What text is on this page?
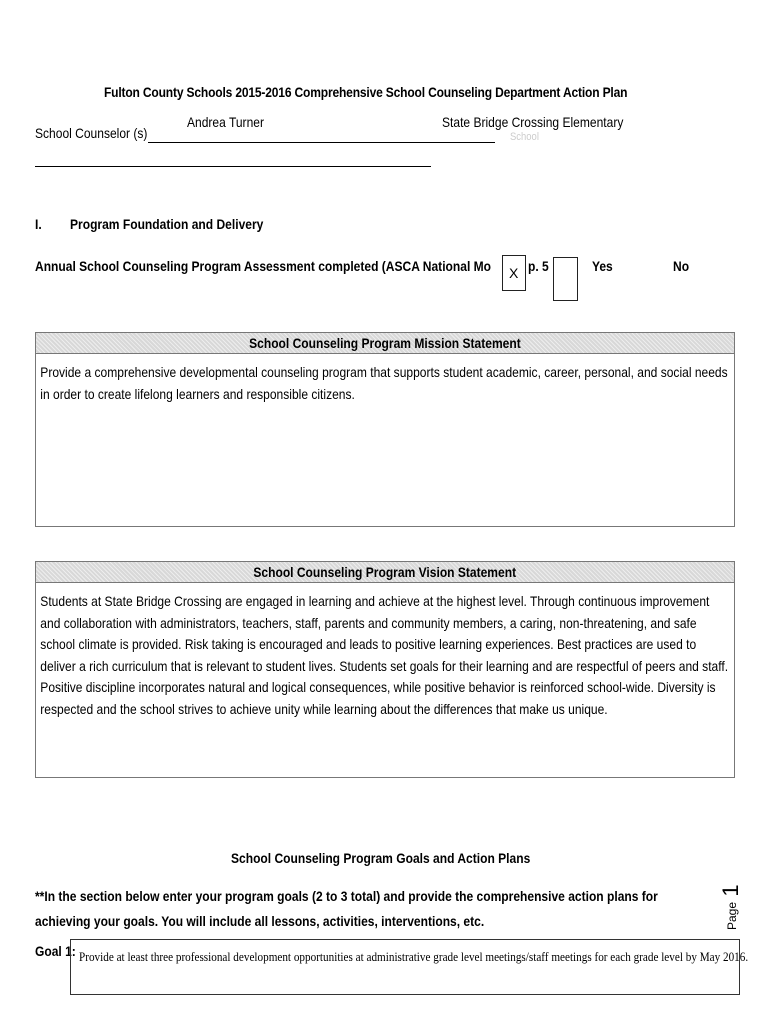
Fulton County Schools 2015-2016 Comprehensive School Counseling Department Action Plan
School Counselor (s)
Andrea Turner	State Bridge Crossing Elementary
School
I. Program Foundation and Delivery
Annual School Counseling Program Assessment completed (ASCA National Mo X p. 5	Yes	No
School Counseling Program Mission Statement
Provide a comprehensive developmental counseling program that supports student academic, career, personal, and social needs in order to create lifelong learners and responsible citizens.
School Counseling Program Vision Statement
Students at State Bridge Crossing are engaged in learning and achieve at the highest level. Through continuous improvement and collaboration with administrators, teachers, staff, parents and community members, a caring, non-threatening, and safe school climate is provided. Risk taking is encouraged and leads to positive learning experiences. Best practices are used to deliver a rich curriculum that is relevant to student lives. Students set goals for their learning and are respectful of peers and staff. Positive discipline incorporates natural and logical consequences, while positive behavior is reinforced school-wide. Diversity is respected and the school strives to achieve unity while learning about the differences that make us unique.
School Counseling Program Goals and Action Plans
**In the section below enter your program goals (2 to 3 total) and provide the comprehensive action plans for achieving your goals. You will include all lessons, activities, interventions, etc.
Goal 1: Provide at least three professional development opportunities at administrative grade level meetings/staff meetings for each grade level by May 2016.
Page 1
